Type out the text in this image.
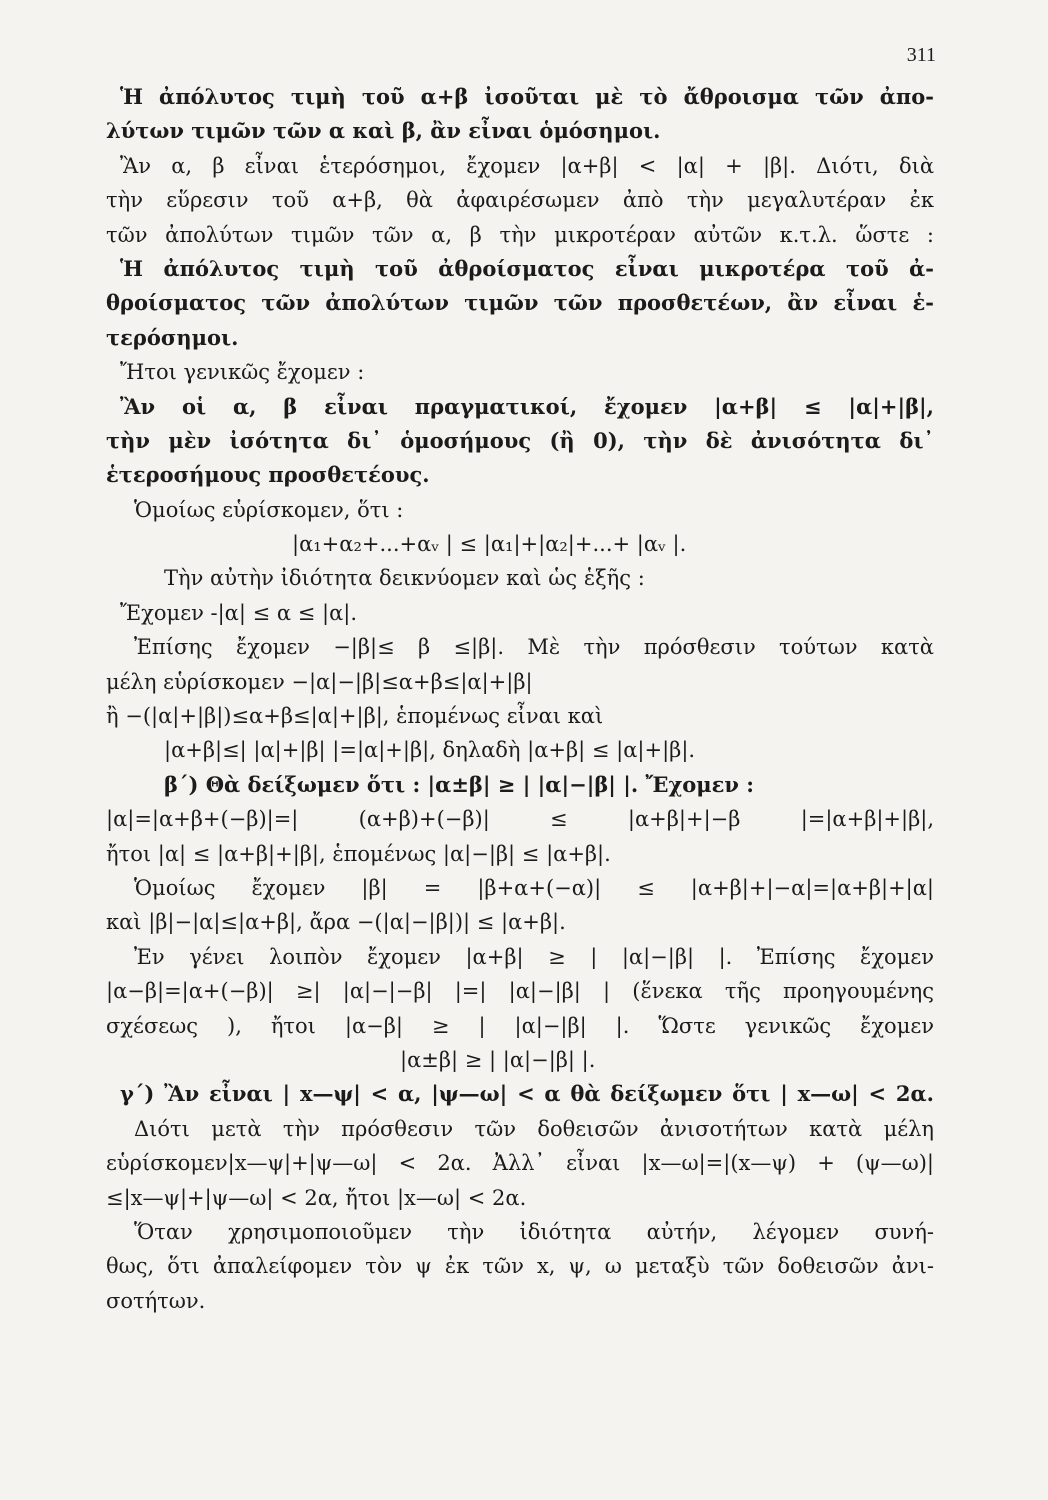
311
Ἡ ἀπόλυτος τιμὴ τοῦ α+β ἰσοῦται μὲ τὸ ἄθροισμα τῶν ἀπο-
λύτων τιμῶν τῶν α καὶ β, ἂν εἶναι ὁμόσημοι.
Ἂν α, β εἶναι ἑτερόσημοι, ἔχομεν |α+β| < |α| + |β|. Διότι, διὰ
τὴν εὕρεσιν τοῦ α+β, θὰ ἀφαιρέσωμεν ἀπὸ τὴν μεγαλυτέραν ἐκ
τῶν ἀπολύτων τιμῶν τῶν α, β τὴν μικροτέραν αὐτῶν κ.τ.λ. ὥστε :
Ἡ ἀπόλυτος τιμὴ τοῦ ἀθροίσματος εἶναι μικροτέρα τοῦ ἀ-
θροίσματος τῶν ἀπολύτων τιμῶν τῶν προσθετέων, ἂν εἶναι ἑ-
τερόσημοι.
Ἤτοι γενικῶς ἔχομεν :
Ἂν οἱ α, β εἶναι πραγματικοί, ἔχομεν |α+β| ≤ |α|+|β|,
τὴν μὲν ἰσότητα δι᾽ ὁμοσήμους (ἢ 0), τὴν δὲ ἀνισότητα δι᾽
ἑτεροσήμους προσθετέους.
Ὁμοίως εὑρίσκομεν, ὅτι :
|α₁+α₂+...+αᵥ | ≤ |α₁|+|α₂|+...+ |αᵥ |.
Τὴν αὐτὴν ἰδιότητα δεικνύομεν καὶ ὡς ἑξῆς :
Ἔχομεν -|α| ≤ α ≤ |α|.
Ἐπίσης ἔχομεν −|β|≤ β ≤|β|. Μὲ τὴν πρόσθεσιν τούτων κατὰ
μέλη εὑρίσκομεν −|α|−|β|≤α+β≤|α|+|β|
ἢ −(|α|+|β|)≤α+β≤|α|+|β|, ἑπομένως εἶναι καὶ
|α+β|≤| |α|+|β| |=|α|+|β|, δηλαδὴ |α+β| ≤ |α|+|β|.
β΄) Θὰ δείξωμεν ὅτι : |α±β| ≥ | |α|−|β| |. Ἔχομεν :
|α|=|α+β+(−β)|=| (α+β)+(−β)| ≤ |α+β|+|−β |=|α+β|+|β|,
ἤτοι |α| ≤ |α+β|+|β|, ἑπομένως |α|−|β| ≤ |α+β|.
Ὁμοίως ἔχομεν |β| = |β+α+(−α)| ≤ |α+β|+|−α|=|α+β|+|α|
καὶ |β|−|α|≤|α+β|, ἄρα −(|α|−|β|)| ≤ |α+β|.
Ἐν γένει λοιπὸν ἔχομεν |α+β| ≥ | |α|−|β| |. Ἐπίσης ἔχομεν
|α−β|=|α+(−β)| ≥| |α|−|−β| |=| |α|−|β| | (ἕνεκα τῆς προηγουμένης
σχέσεως ), ἤτοι |α−β| ≥ | |α|−|β| |. Ὥστε γενικῶς ἔχομεν
|α±β| ≥ | |α|−|β| |.
γ΄) Ἂν εἶναι | x—ψ| < α, |ψ—ω| < α θὰ δείξωμεν ὅτι | x—ω| < 2α.
Διότι μετὰ τὴν πρόσθεσιν τῶν δοθεισῶν ἀνισοτήτων κατὰ μέλη
εὑρίσκομεν|x—ψ|+|ψ—ω| < 2α. Ἀλλ᾽ εἶναι |x—ω|=|(x—ψ) + (ψ—ω)|
≤|x—ψ|+|ψ—ω| < 2α, ἤτοι |x—ω| < 2α.
Ὅταν χρησιμοποιοῦμεν τὴν ἰδιότητα αὐτήν, λέγομεν συνή-
θως, ὅτι ἀπαλείφομεν τὸν ψ ἐκ τῶν x, ψ, ω μεταξὺ τῶν δοθεισῶν ἀνι-
σοτήτων.
